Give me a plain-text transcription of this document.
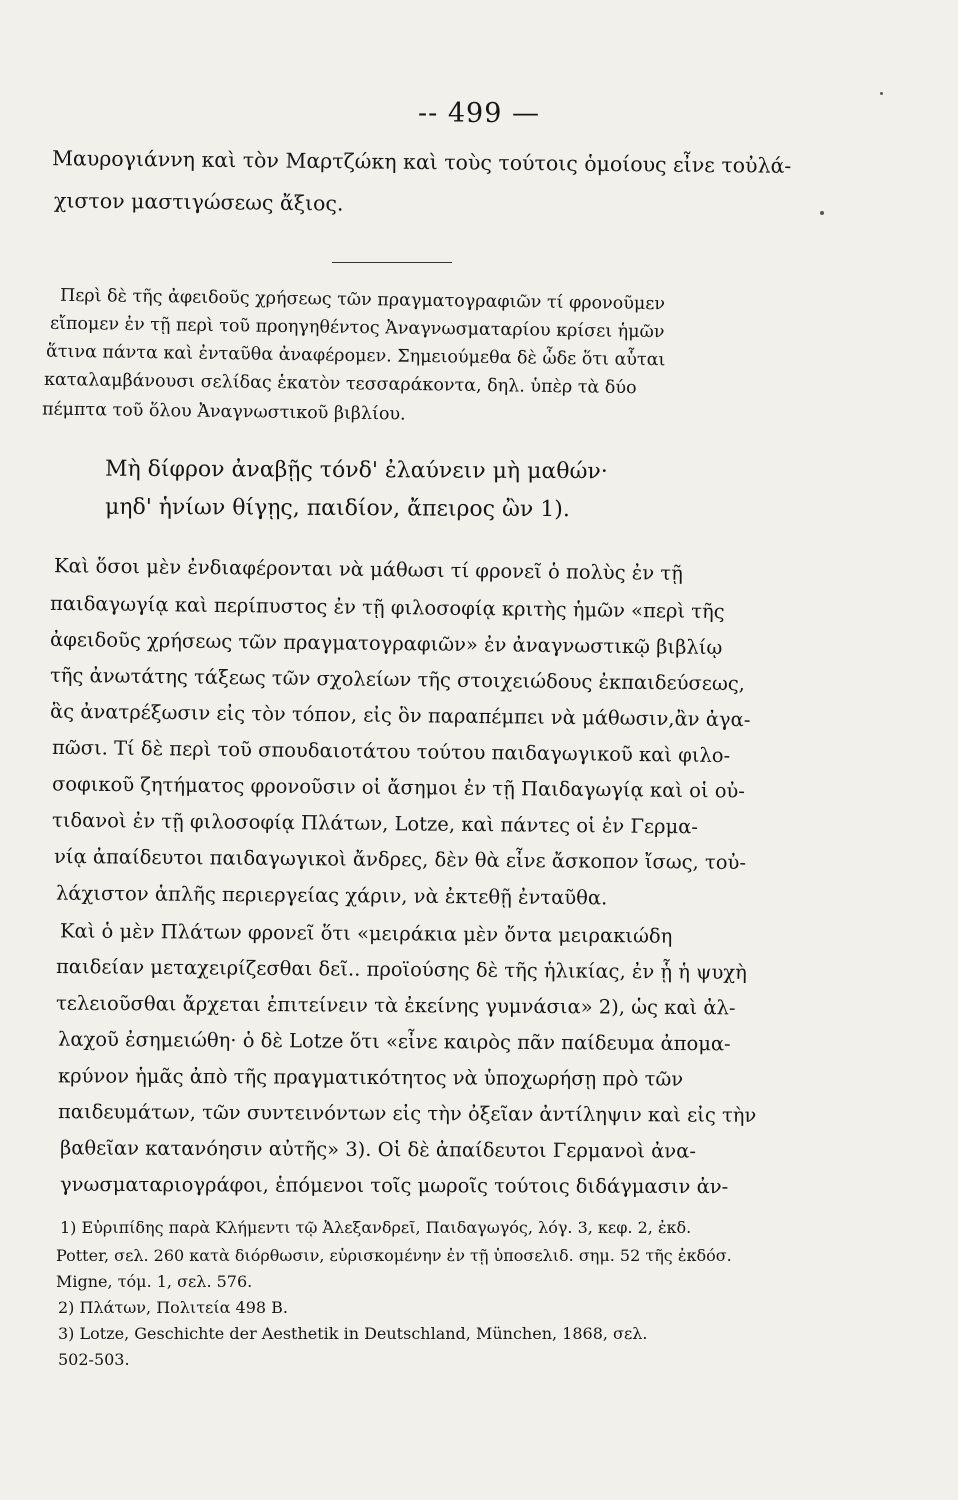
-- 499 —
Μαυρογιάννη καὶ τὸν Μαρτζώκη καὶ τοὺς τούτοις ὁμοίους εἶνε τοὐλά-
χιστον μαστιγώσεως ἄξιος.
Περὶ δὲ τῆς ἀφειδοῦς χρήσεως τῶν πραγματογραφιῶν τί φρονοῦμεν
εἴπομεν ἐν τῇ περὶ τοῦ προηγηθέντος Ἀναγνωσματαρίου κρίσει ἡμῶν
ἅτινα πάντα καὶ ἐνταῦθα ἀναφέρομεν. Σημειούμεθα δὲ ὧδε ὅτι αὗται
καταλαμβάνουσι σελίδας ἑκατὸν τεσσαράκοντα, δηλ. ὑπὲρ τὰ δύο
πέμπτα τοῦ ὅλου Ἀναγνωστικοῦ βιβλίου.
Μὴ δίφρον ἀναβῇς τόνδ' ἐλαύνειν μὴ μαθών·
μηδ' ἡνίων θίγῃς, παιδίον, ἄπειρος ὢν 1).
Καὶ ὅσοι μὲν ἐνδιαφέρονται νὰ μάθωσι τί φρονεῖ ὁ πολὺς ἐν τῇ
παιδαγωγίᾳ καὶ περίπυστος ἐν τῇ φιλοσοφίᾳ κριτὴς ἡμῶν «περὶ τῆς
ἀφειδοῦς χρήσεως τῶν πραγματογραφιῶν» ἐν ἀναγνωστικῷ βιβλίῳ
τῆς ἀνωτάτης τάξεως τῶν σχολείων τῆς στοιχειώδους ἐκπαιδεύσεως,
ἃς ἀνατρέξωσιν εἰς τὸν τόπον, εἰς ὃν παραπέμπει νὰ μάθωσιν,ἂν ἀγα-
πῶσι. Τί δὲ περὶ τοῦ σπουδαιοτάτου τούτου παιδαγωγικοῦ καὶ φιλο-
σοφικοῦ ζητήματος φρονοῦσιν οἱ ἄσημοι ἐν τῇ Παιδαγωγίᾳ καὶ οἱ οὐ-
τιδανοὶ ἐν τῇ φιλοσοφίᾳ Πλάτων, Lotze, καὶ πάντες οἱ ἐν Γερμα-
νίᾳ ἀπαίδευτοι παιδαγωγικοὶ ἄνδρες, δὲν θὰ εἶνε ἄσκοπον ἴσως, τοὐ-
λάχιστον ἁπλῆς περιεργείας χάριν, νὰ ἐκτεθῇ ἐνταῦθα.
Καὶ ὁ μὲν Πλάτων φρονεῖ ὅτι «μειράκια μὲν ὄντα μειρακιώδη
παιδείαν μεταχειρίζεσθαι δεῖ.. προϊούσης δὲ τῆς ἡλικίας, ἐν ᾗ ἡ ψυχὴ
τελειοῦσθαι ἄρχεται ἐπιτείνειν τὰ ἐκείνης γυμνάσια» 2), ὡς καὶ ἀλ-
λαχοῦ ἐσημειώθη· ὁ δὲ Lotze ὅτι «εἶνε καιρὸς πᾶν παίδευμα ἀπομα-
κρύνον ἡμᾶς ἀπὸ τῆς πραγματικότητος νὰ ὑποχωρήσῃ πρὸ τῶν
παιδευμάτων, τῶν συντεινόντων εἰς τὴν ὀξεῖαν ἀντίληψιν καὶ εἰς τὴν
βαθεῖαν κατανόησιν αὐτῆς» 3). Οἱ δὲ ἀπαίδευτοι Γερμανοὶ ἀνα-
γνωσματαριογράφοι, ἑπόμενοι τοῖς μωροῖς τούτοις διδάγμασιν ἀν-
1) Εὐριπίδης παρὰ Κλήμεντι τῷ Ἀλεξανδρεῖ, Παιδαγωγός, λόγ. 3, κεφ. 2, ἐκδ.
Potter, σελ. 260 κατὰ διόρθωσιν, εὑρισκομένην ἐν τῇ ὑποσελιδ. σημ. 52 τῆς ἐκδόσ.
Migne, τόμ. 1, σελ. 576.
2) Πλάτων, Πολιτεία 498 B.
3) Lotze, Geschichte der Aesthetik in Deutschland, München, 1868, σελ.
502-503.
